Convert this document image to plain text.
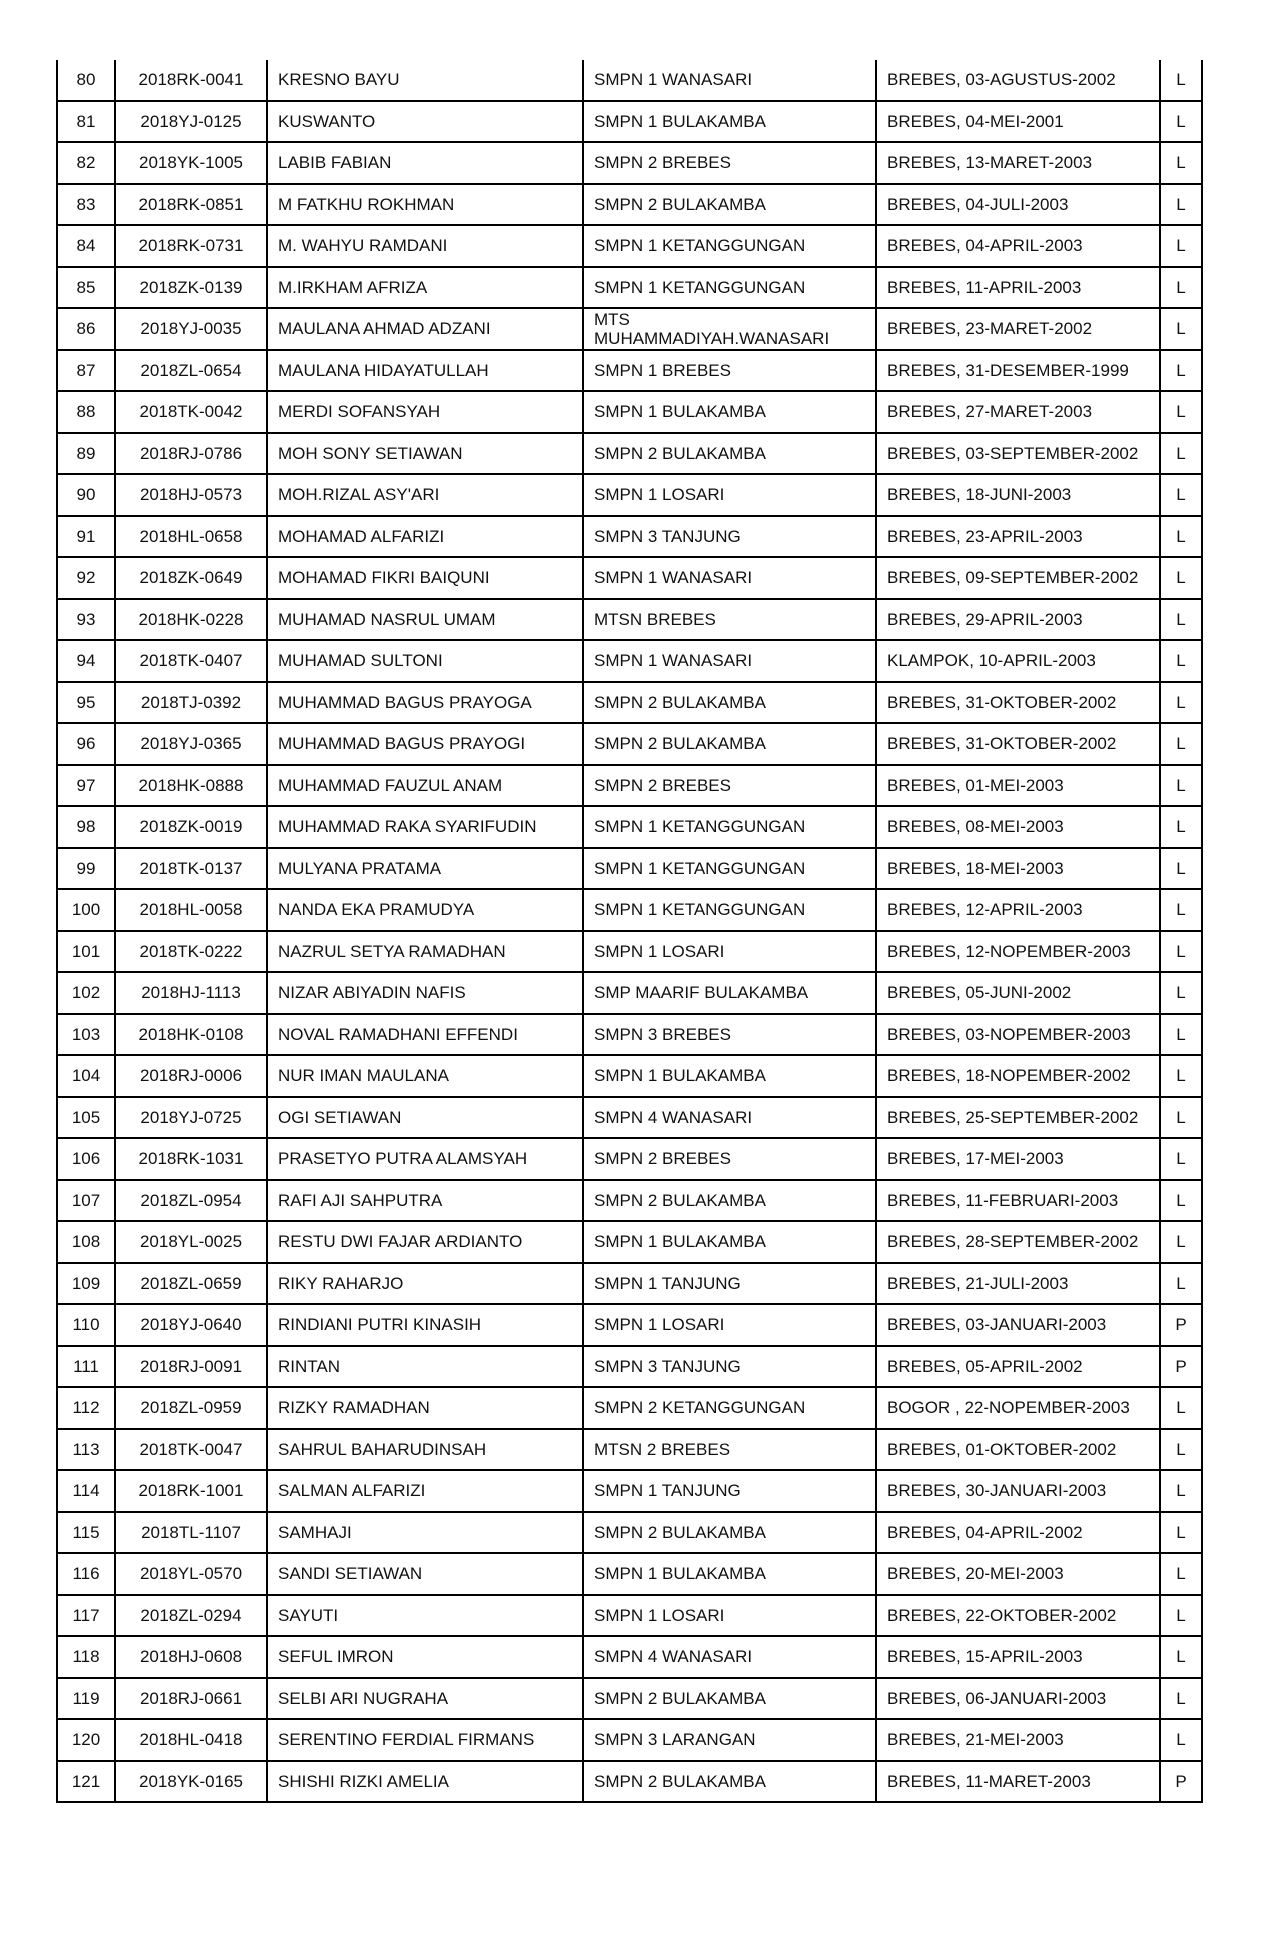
80	2018RK-0041	KRESNO BAYU	SMPN 1 WANASARI	BREBES, 03-AGUSTUS-2002	L
81	2018YJ-0125	KUSWANTO	SMPN 1 BULAKAMBA	BREBES, 04-MEI-2001	L
82	2018YK-1005	LABIB FABIAN	SMPN 2 BREBES	BREBES, 13-MARET-2003	L
83	2018RK-0851	M FATKHU ROKHMAN	SMPN 2 BULAKAMBA	BREBES, 04-JULI-2003	L
84	2018RK-0731	M. WAHYU RAMDANI	SMPN 1 KETANGGUNGAN	BREBES, 04-APRIL-2003	L
85	2018ZK-0139	M.IRKHAM AFRIZA	SMPN 1 KETANGGUNGAN	BREBES, 11-APRIL-2003	L
86	2018YJ-0035	MAULANA AHMAD ADZANI	MTS MUHAMMADIYAH.WANASARI	BREBES, 23-MARET-2002	L
87	2018ZL-0654	MAULANA HIDAYATULLAH	SMPN 1 BREBES	BREBES, 31-DESEMBER-1999	L
88	2018TK-0042	MERDI SOFANSYAH	SMPN 1 BULAKAMBA	BREBES, 27-MARET-2003	L
89	2018RJ-0786	MOH SONY SETIAWAN	SMPN 2 BULAKAMBA	BREBES, 03-SEPTEMBER-2002	L
90	2018HJ-0573	MOH.RIZAL ASY'ARI	SMPN 1 LOSARI	BREBES, 18-JUNI-2003	L
91	2018HL-0658	MOHAMAD ALFARIZI	SMPN 3 TANJUNG	BREBES, 23-APRIL-2003	L
92	2018ZK-0649	MOHAMAD FIKRI BAIQUNI	SMPN 1 WANASARI	BREBES, 09-SEPTEMBER-2002	L
93	2018HK-0228	MUHAMAD NASRUL UMAM	MTSN BREBES	BREBES, 29-APRIL-2003	L
94	2018TK-0407	MUHAMAD SULTONI	SMPN 1 WANASARI	KLAMPOK, 10-APRIL-2003	L
95	2018TJ-0392	MUHAMMAD BAGUS PRAYOGA	SMPN 2 BULAKAMBA	BREBES, 31-OKTOBER-2002	L
96	2018YJ-0365	MUHAMMAD BAGUS PRAYOGI	SMPN 2 BULAKAMBA	BREBES, 31-OKTOBER-2002	L
97	2018HK-0888	MUHAMMAD FAUZUL ANAM	SMPN 2 BREBES	BREBES, 01-MEI-2003	L
98	2018ZK-0019	MUHAMMAD RAKA SYARIFUDIN	SMPN 1 KETANGGUNGAN	BREBES, 08-MEI-2003	L
99	2018TK-0137	MULYANA PRATAMA	SMPN 1 KETANGGUNGAN	BREBES, 18-MEI-2003	L
100	2018HL-0058	NANDA EKA PRAMUDYA	SMPN 1 KETANGGUNGAN	BREBES, 12-APRIL-2003	L
101	2018TK-0222	NAZRUL SETYA RAMADHAN	SMPN 1 LOSARI	BREBES, 12-NOPEMBER-2003	L
102	2018HJ-1113	NIZAR ABIYADIN NAFIS	SMP MAARIF BULAKAMBA	BREBES, 05-JUNI-2002	L
103	2018HK-0108	NOVAL RAMADHANI EFFENDI	SMPN 3 BREBES	BREBES, 03-NOPEMBER-2003	L
104	2018RJ-0006	NUR IMAN MAULANA	SMPN 1 BULAKAMBA	BREBES, 18-NOPEMBER-2002	L
105	2018YJ-0725	OGI SETIAWAN	SMPN 4 WANASARI	BREBES, 25-SEPTEMBER-2002	L
106	2018RK-1031	PRASETYO PUTRA ALAMSYAH	SMPN 2 BREBES	BREBES, 17-MEI-2003	L
107	2018ZL-0954	RAFI AJI SAHPUTRA	SMPN 2 BULAKAMBA	BREBES, 11-FEBRUARI-2003	L
108	2018YL-0025	RESTU DWI FAJAR ARDIANTO	SMPN 1 BULAKAMBA	BREBES, 28-SEPTEMBER-2002	L
109	2018ZL-0659	RIKY RAHARJO	SMPN 1 TANJUNG	BREBES, 21-JULI-2003	L
110	2018YJ-0640	RINDIANI PUTRI KINASIH	SMPN 1 LOSARI	BREBES, 03-JANUARI-2003	P
111	2018RJ-0091	RINTAN	SMPN 3 TANJUNG	BREBES, 05-APRIL-2002	P
112	2018ZL-0959	RIZKY RAMADHAN	SMPN 2 KETANGGUNGAN	BOGOR , 22-NOPEMBER-2003	L
113	2018TK-0047	SAHRUL BAHARUDINSAH	MTSN 2 BREBES	BREBES, 01-OKTOBER-2002	L
114	2018RK-1001	SALMAN ALFARIZI	SMPN 1 TANJUNG	BREBES, 30-JANUARI-2003	L
115	2018TL-1107	SAMHAJI	SMPN 2 BULAKAMBA	BREBES, 04-APRIL-2002	L
116	2018YL-0570	SANDI SETIAWAN	SMPN 1 BULAKAMBA	BREBES, 20-MEI-2003	L
117	2018ZL-0294	SAYUTI	SMPN 1 LOSARI	BREBES, 22-OKTOBER-2002	L
118	2018HJ-0608	SEFUL IMRON	SMPN 4 WANASARI	BREBES, 15-APRIL-2003	L
119	2018RJ-0661	SELBI ARI NUGRAHA	SMPN 2 BULAKAMBA	BREBES, 06-JANUARI-2003	L
120	2018HL-0418	SERENTINO FERDIAL FIRMANS	SMPN 3 LARANGAN	BREBES, 21-MEI-2003	L
121	2018YK-0165	SHISHI RIZKI AMELIA	SMPN 2 BULAKAMBA	BREBES, 11-MARET-2003	P
